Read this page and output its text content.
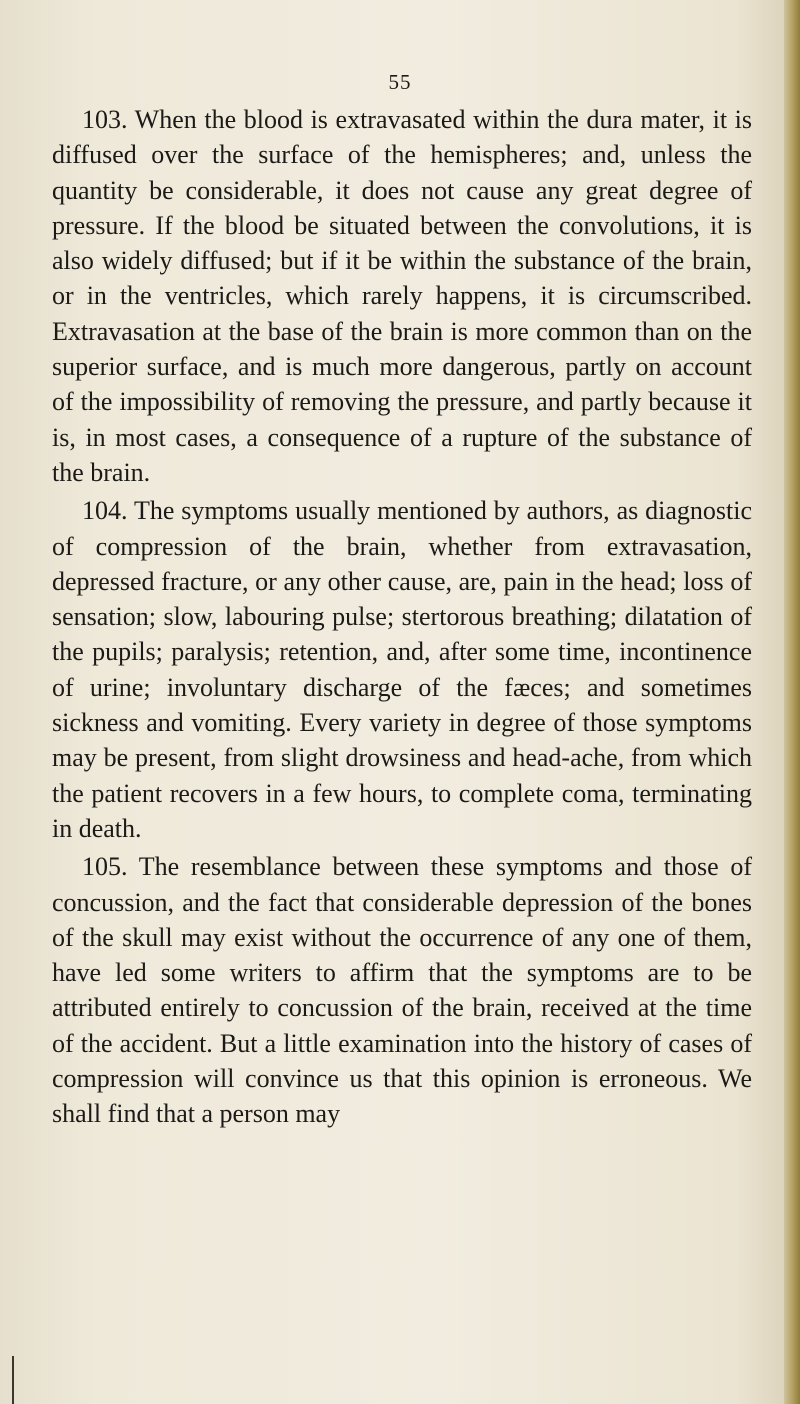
55

103. When the blood is extravasated within the dura mater, it is diffused over the surface of the hemispheres; and, unless the quantity be considerable, it does not cause any great degree of pressure. If the blood be situated between the convolutions, it is also widely diffused; but if it be within the substance of the brain, or in the ventricles, which rarely happens, it is circumscribed. Extravasation at the base of the brain is more common than on the superior surface, and is much more dangerous, partly on account of the impossibility of removing the pressure, and partly because it is, in most cases, a consequence of a rupture of the substance of the brain.

104. The symptoms usually mentioned by authors, as diagnostic of compression of the brain, whether from extravasation, depressed fracture, or any other cause, are, pain in the head; loss of sensation; slow, labouring pulse; stertorous breathing; dilatation of the pupils; paralysis; retention, and, after some time, incontinence of urine; involuntary discharge of the fæces; and sometimes sickness and vomiting. Every variety in degree of those symptoms may be present, from slight drowsiness and head-ache, from which the patient recovers in a few hours, to complete coma, terminating in death.

105. The resemblance between these symptoms and those of concussion, and the fact that considerable depression of the bones of the skull may exist without the occurrence of any one of them, have led some writers to affirm that the symptoms are to be attributed entirely to concussion of the brain, received at the time of the accident. But a little examination into the history of cases of compression will convince us that this opinion is erroneous. We shall find that a person may
